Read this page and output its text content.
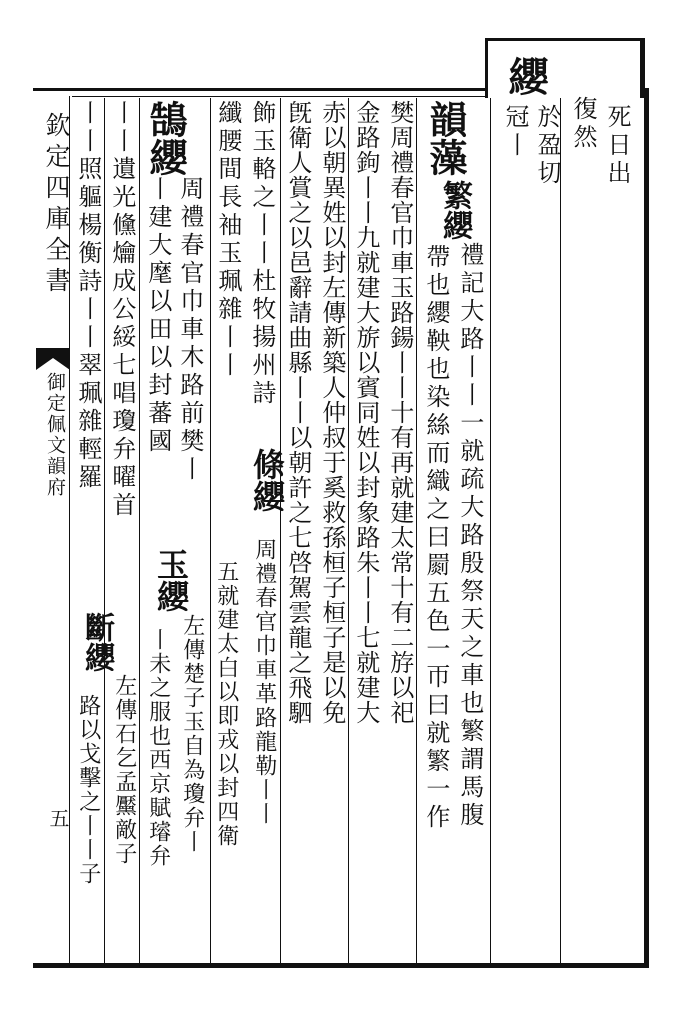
欽定四庫全書
御定佩文韻府
五
死日出
復然
纓
於盈切
冠丨
韻藻
繁纓
禮記大路丨丨一就疏大路殷祭天之車也繁謂馬腹
帶也纓鞅也染絲而織之曰罽五色一帀曰就繁一作
樊周禮春官巾車玉路鍚丨丨十有再就建太常十有二斿以祀
金路鉤丨丨九就建大旂以賓同姓以封象路朱丨丨七就建大
赤以朝異姓以封左傳新築人仲叔于奚救孫桓子桓子是以免
旣衛人賞之以邑辭請曲縣丨丨以朝許之七啓駕雲龍之飛駟
飾玉輅之丨丨杜牧揚州詩
條纓
周禮春官巾車革路龍勒丨丨
纖腰間長袖玉珮雜丨丨
五就建太白以即戎以封四衛
鵠纓
周禮春官巾車木路前樊丨
玉纓
左傳楚子玉自為瓊弁丨
丨建大麾以田以封蕃國
丨未之服也西京賦璿弁
丨丨遺光儵爚成公綏七唱瓊弁曜首
丨丨照軀楊衡詩丨丨翠珮雜輕羅
斷纓
左傳石乞孟黶敵子
路以戈擊之丨丨子
